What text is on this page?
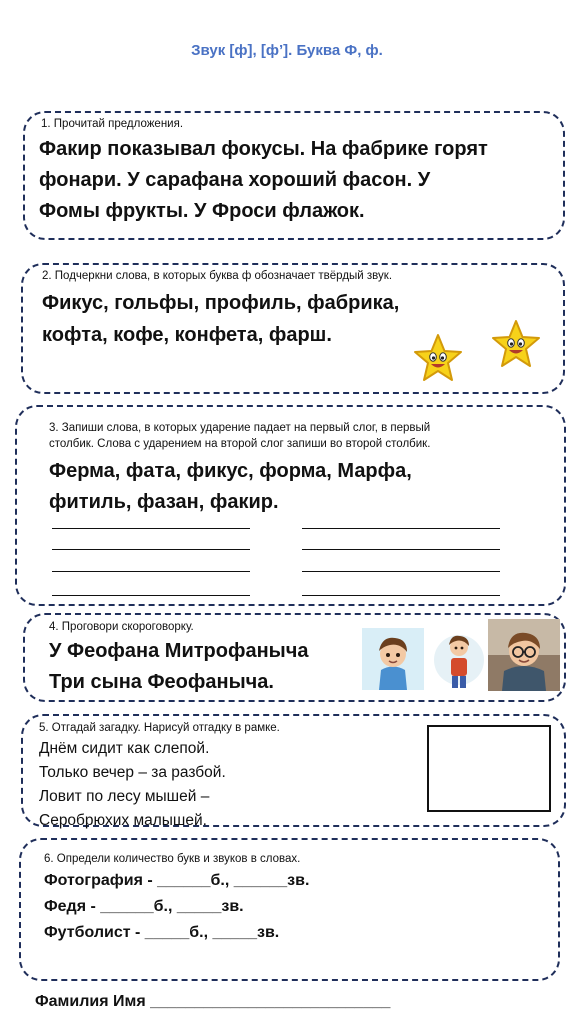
Звук [ф], [ф’]. Буква Ф, ф.
1. Прочитай предложения.
Факир показывал фокусы. На фабрике горят
фонари. У сарафана хороший фасон. У
Фомы фрукты. У Фроси флажок.
2. Подчеркни слова, в которых буква ф обозначает твёрдый звук.
Фикус, гольфы, профиль, фабрика,
кофта, кофе, конфета, фарш.
3. Запиши слова, в которых ударение падает на первый слог, в первый
столбик. Слова с ударением на второй слог запиши во второй столбик.
Ферма, фата, фикус, форма, Марфа,
фитиль, фазан, факир.
4. Проговори скороговорку.
У Феофана Митрофаныча
Три сына Феофаныча.
5. Отгадай загадку. Нарисуй отгадку в рамке.
Днём сидит как слепой.
Только вечер – за разбой.
Ловит по лесу мышей –
Серобрюхих малышей.
6. Определи количество букв и звуков в словах.
Фотография - ______б., ______зв.
Федя - ______б., _____зв.
Футболист - _____б., _____зв.
Фамилия Имя ___________________________
